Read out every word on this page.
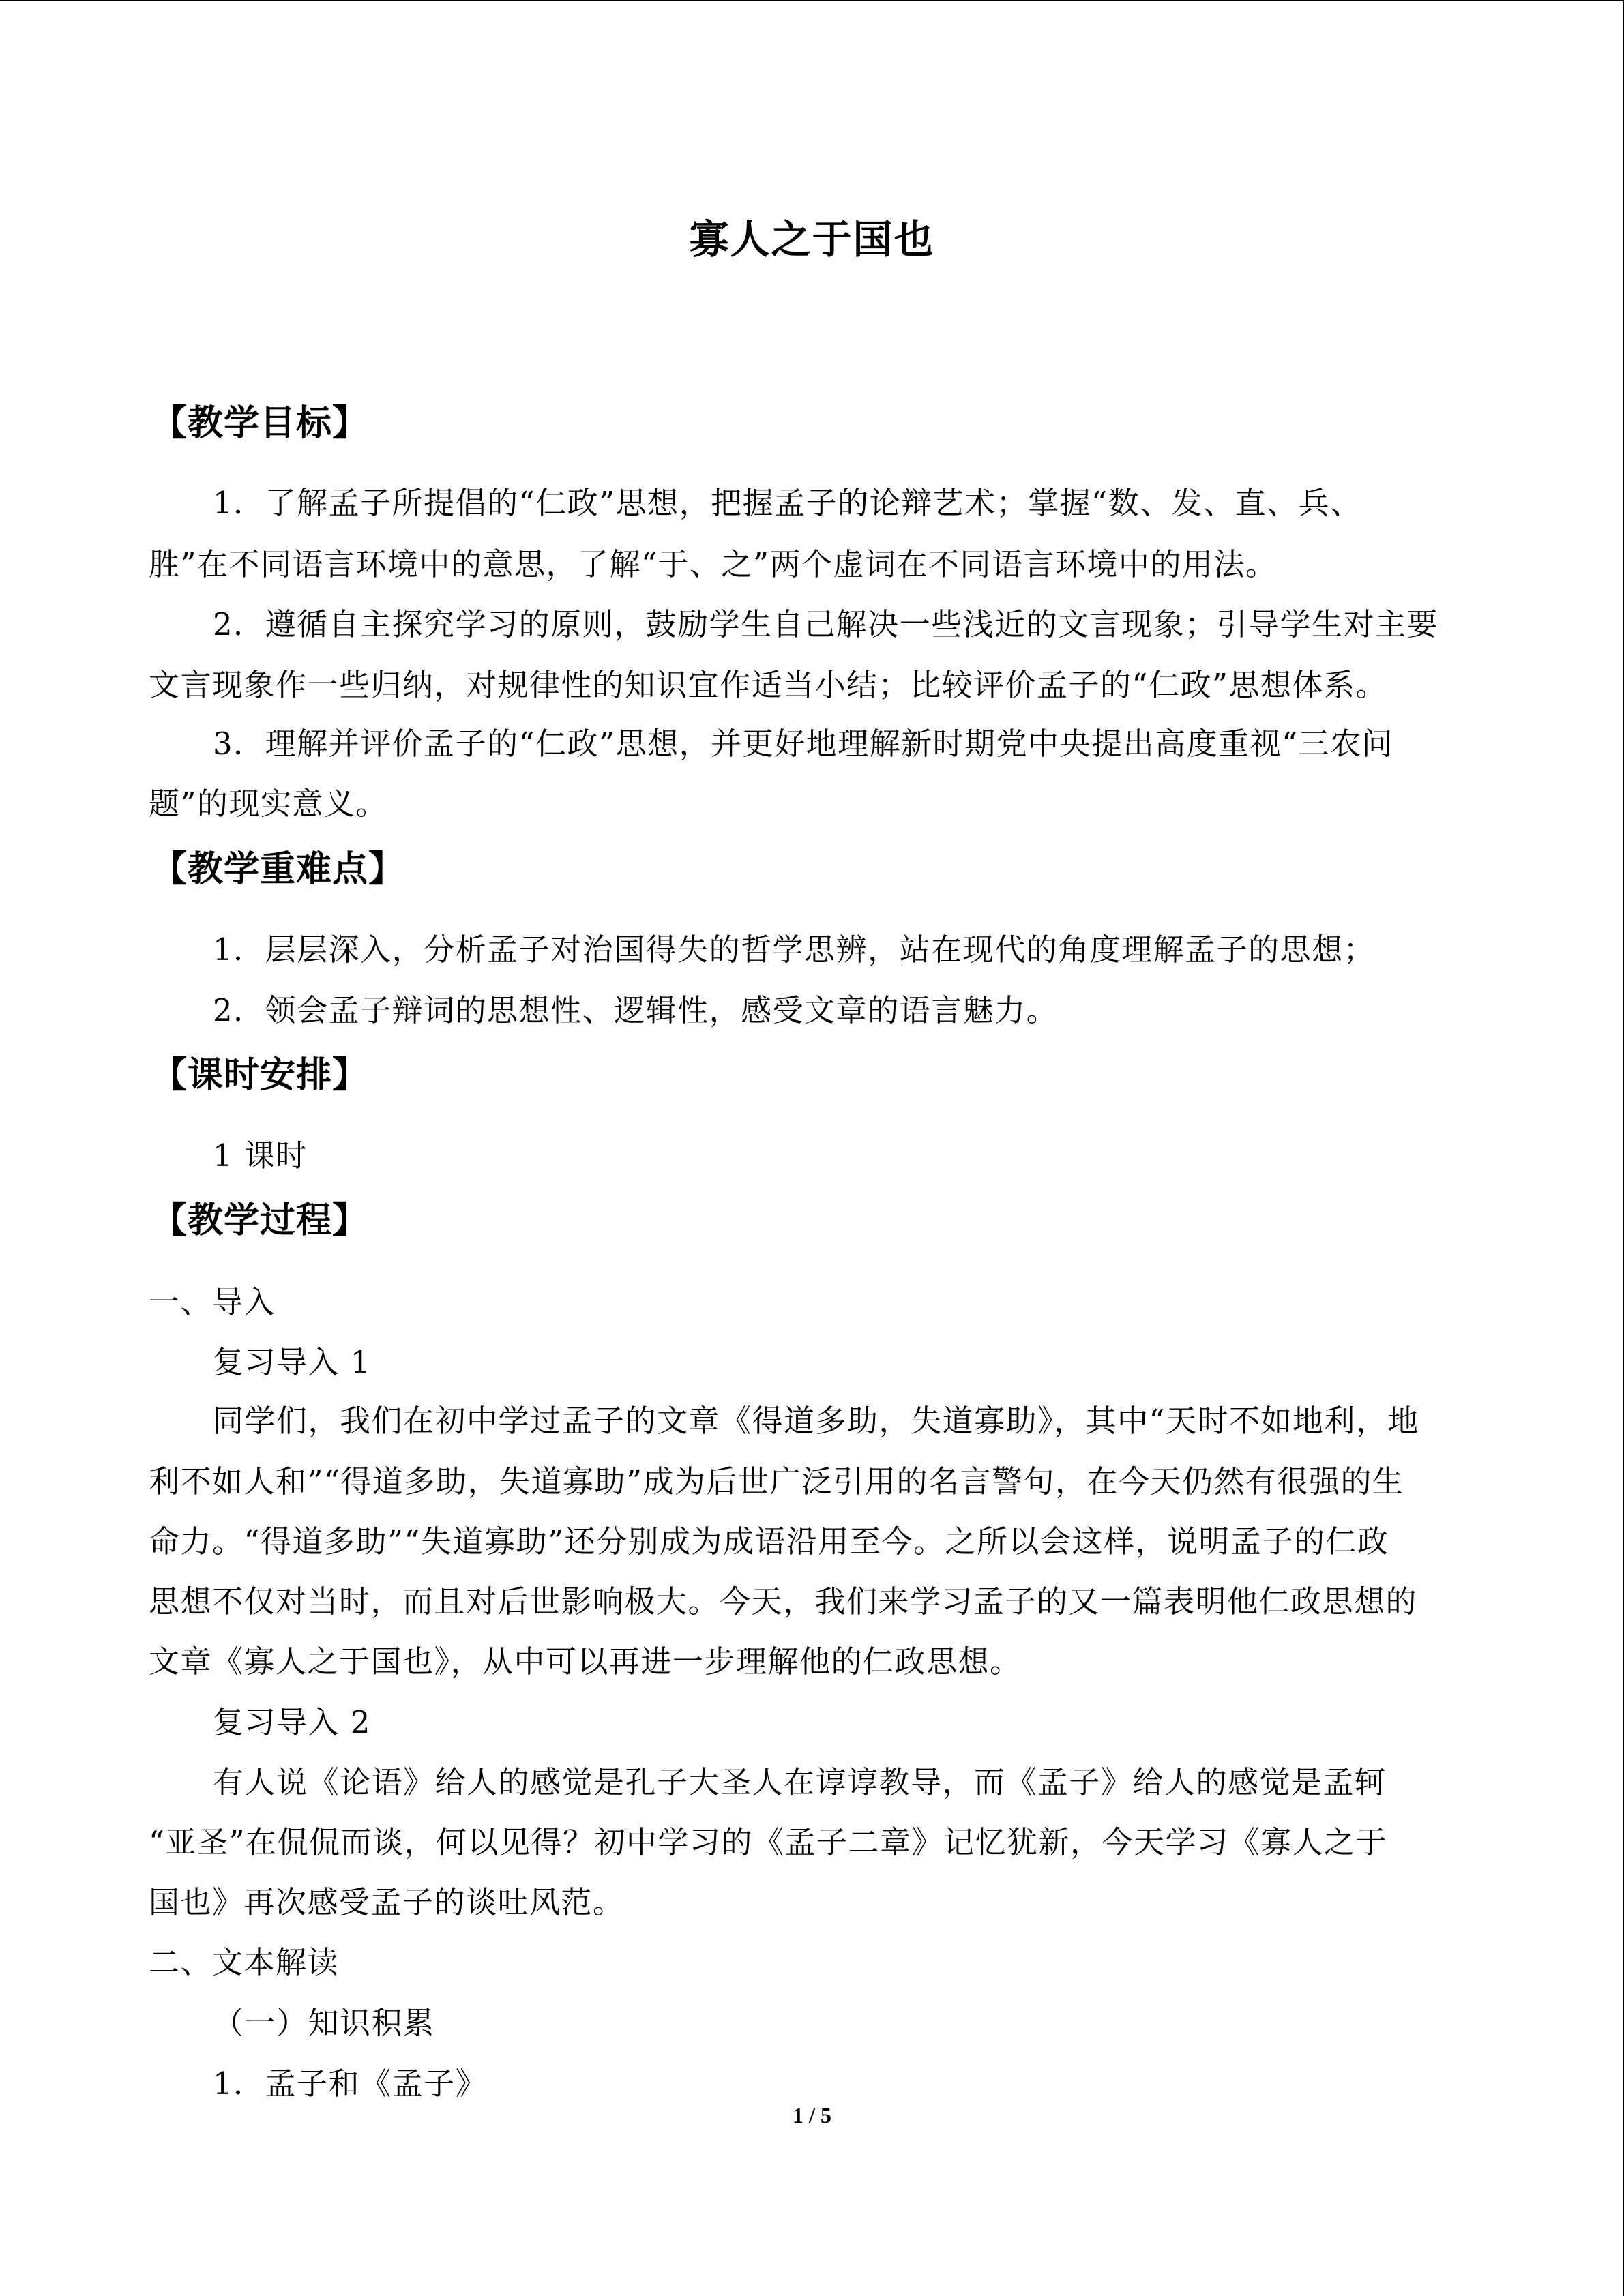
寡人之于国也
【教学目标】
1．了解孟子所提倡的“仁政”思想，把握孟子的论辩艺术；掌握“数、发、直、兵、
胜”在不同语言环境中的意思，了解“于、之”两个虚词在不同语言环境中的用法。
2．遵循自主探究学习的原则，鼓励学生自己解决一些浅近的文言现象；引导学生对主要
文言现象作一些归纳，对规律性的知识宜作适当小结；比较评价孟子的“仁政”思想体系。
3．理解并评价孟子的“仁政”思想，并更好地理解新时期党中央提出高度重视“三农问
题”的现实意义。
【教学重难点】
1．层层深入，分析孟子对治国得失的哲学思辨，站在现代的角度理解孟子的思想；
2．领会孟子辩词的思想性、逻辑性，感受文章的语言魅力。
【课时安排】
1 课时
【教学过程】
一、导入
复习导入 1
同学们，我们在初中学过孟子的文章《得道多助，失道寡助》，其中“天时不如地利，地
利不如人和”“得道多助，失道寡助”成为后世广泛引用的名言警句，在今天仍然有很强的生
命力。“得道多助”“失道寡助”还分别成为成语沿用至今。之所以会这样，说明孟子的仁政
思想不仅对当时，而且对后世影响极大。今天，我们来学习孟子的又一篇表明他仁政思想的
文章《寡人之于国也》，从中可以再进一步理解他的仁政思想。
复习导入 2
有人说《论语》给人的感觉是孔子大圣人在谆谆教导，而《孟子》给人的感觉是孟轲
“亚圣”在侃侃而谈，何以见得？初中学习的《孟子二章》记忆犹新，今天学习《寡人之于
国也》再次感受孟子的谈吐风范。
二、文本解读
（一）知识积累
1．孟子和《孟子》
1 / 5
